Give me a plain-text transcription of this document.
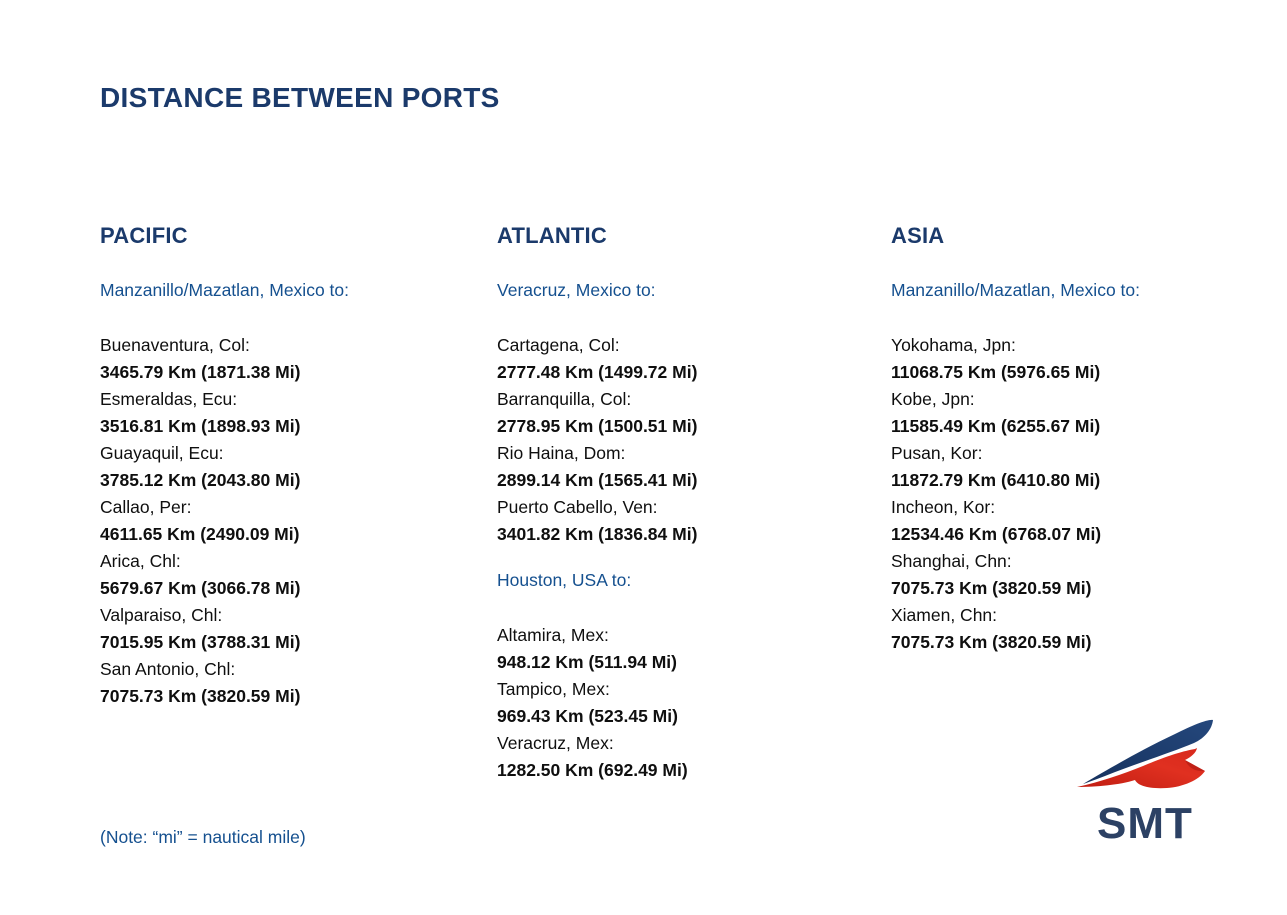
DISTANCE BETWEEN PORTS
PACIFIC
Manzanillo/Mazatlan, Mexico to:
Buenaventura, Col:
3465.79 Km (1871.38 Mi)
Esmeraldas, Ecu:
3516.81 Km (1898.93 Mi)
Guayaquil, Ecu:
3785.12 Km (2043.80 Mi)
Callao, Per:
4611.65 Km (2490.09 Mi)
Arica, Chl:
5679.67 Km (3066.78 Mi)
Valparaiso, Chl:
7015.95 Km (3788.31 Mi)
San Antonio, Chl:
7075.73 Km (3820.59 Mi)
ATLANTIC
Veracruz, Mexico to:
Cartagena, Col:
2777.48 Km (1499.72 Mi)
Barranquilla, Col:
2778.95 Km (1500.51 Mi)
Rio Haina, Dom:
2899.14 Km (1565.41 Mi)
Puerto Cabello, Ven:
3401.82 Km (1836.84 Mi)
Houston, USA to:
Altamira, Mex:
948.12 Km (511.94 Mi)
Tampico, Mex:
969.43 Km (523.45 Mi)
Veracruz, Mex:
1282.50 Km (692.49 Mi)
ASIA
Manzanillo/Mazatlan, Mexico to:
Yokohama, Jpn:
11068.75 Km (5976.65 Mi)
Kobe, Jpn:
11585.49 Km (6255.67 Mi)
Pusan, Kor:
11872.79 Km (6410.80 Mi)
Incheon, Kor:
12534.46 Km (6768.07 Mi)
Shanghai, Chn:
7075.73 Km (3820.59 Mi)
Xiamen, Chn:
7075.73 Km (3820.59 Mi)
(Note: “mi” = nautical mile)	SMT
